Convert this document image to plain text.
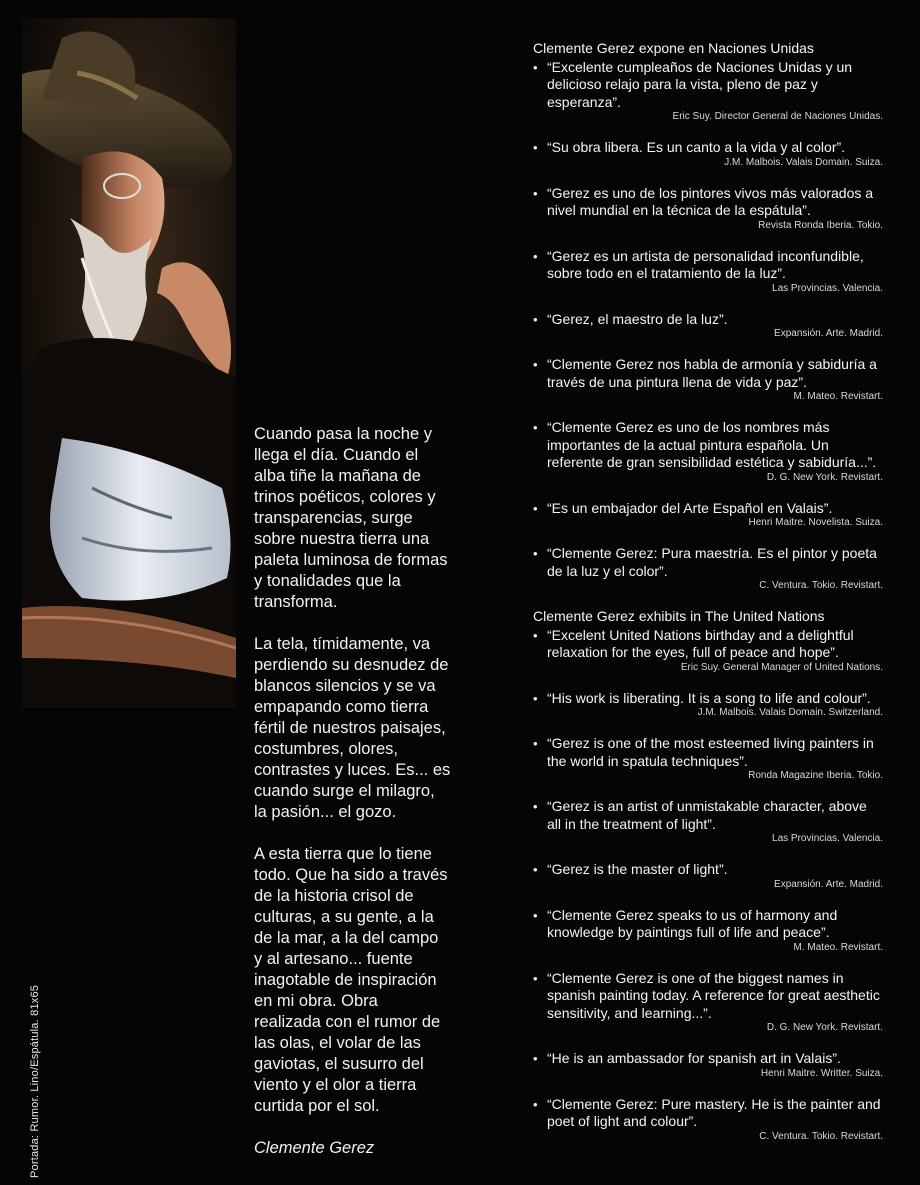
Portada: Rumor. Lino/Espátula. 81x65

Cuando pasa la noche y
llega el día. Cuando el
alba tiñe la mañana de
trinos poéticos, colores y
transparencias, surge
sobre nuestra tierra una
paleta luminosa de formas
y tonalidades que la
transforma.

La tela, tímidamente, va
perdiendo su desnudez de
blancos silencios y se va
empapando como tierra
fértil de nuestros paisajes,
costumbres, olores,
contrastes y luces. Es... es
cuando surge el milagro,
la pasión... el gozo.

A esta tierra que lo tiene
todo. Que ha sido a través
de la historia crisol de
culturas, a su gente, a la
de la mar, a la del campo
y al artesano... fuente
inagotable de inspiración
en mi obra. Obra
realizada con el rumor de
las olas, el volar de las
gaviotas, el susurro del
viento y el olor a tierra
curtida por el sol.

Clemente Gerez

Clemente Gerez expone en Naciones Unidas
• “Excelente cumpleaños de Naciones Unidas y un delicioso relajo para la vista, pleno de paz y esperanza”.
Eric Suy. Director General de Naciones Unidas.
• “Su obra libera. Es un canto a la vida y al color”.
J.M. Malbois. Valais Domain. Suiza.
• “Gerez es uno de los pintores vivos más valorados a nivel mundial en la técnica de la espátula”.
Revista Ronda Iberia. Tokio.
• “Gerez es un artista de personalidad inconfundible, sobre todo en el tratamiento de la luz”.
Las Provincias. Valencia.
• “Gerez, el maestro de la luz”.
Expansión. Arte. Madrid.
• “Clemente Gerez nos habla de armonía y sabiduría a través de una pintura llena de vida y paz”.
M. Mateo. Revistart.
• “Clemente Gerez es uno de los nombres más importantes de la actual pintura española. Un referente de gran sensibilidad estética y sabiduría...”.
D. G. New York. Revistart.
• “Es un embajador del Arte Español en Valais”.
Henri Maitre. Novelista. Suiza.
• “Clemente Gerez: Pura maestría. Es el pintor y poeta de la luz y el color”.
C. Ventura. Tokio. Revistart.
Clemente Gerez exhibits in The United Nations
• “Excelent United Nations birthday and a delightful relaxation for the eyes, full of peace and hope”.
Eric Suy. General Manager of United Nations.
• “His work is liberating. It is a song to life and colour”.
J.M. Malbois. Valais Domain. Switzerland.
• “Gerez is one of the most esteemed living painters in the world in spatula techniques”.
Ronda Magazine Iberia. Tokio.
• “Gerez is an artist of unmistakable character, above all in the treatment of light”.
Las Provincias. Valencia.
• “Gerez is the master of light”.
Expansión. Arte. Madrid.
• “Clemente Gerez speaks to us of harmony and knowledge by paintings full of life and peace”.
M. Mateo. Revistart.
• “Clemente Gerez is one of the biggest names in spanish painting today. A reference for great aesthetic sensitivity, and learning...”.
D. G. New York. Revistart.
• “He is an ambassador for spanish art in Valais”.
Henri Maitre. Writter. Suiza.
• “Clemente Gerez: Pure mastery. He is the painter and poet of light and colour”.
C. Ventura. Tokio. Revistart.
